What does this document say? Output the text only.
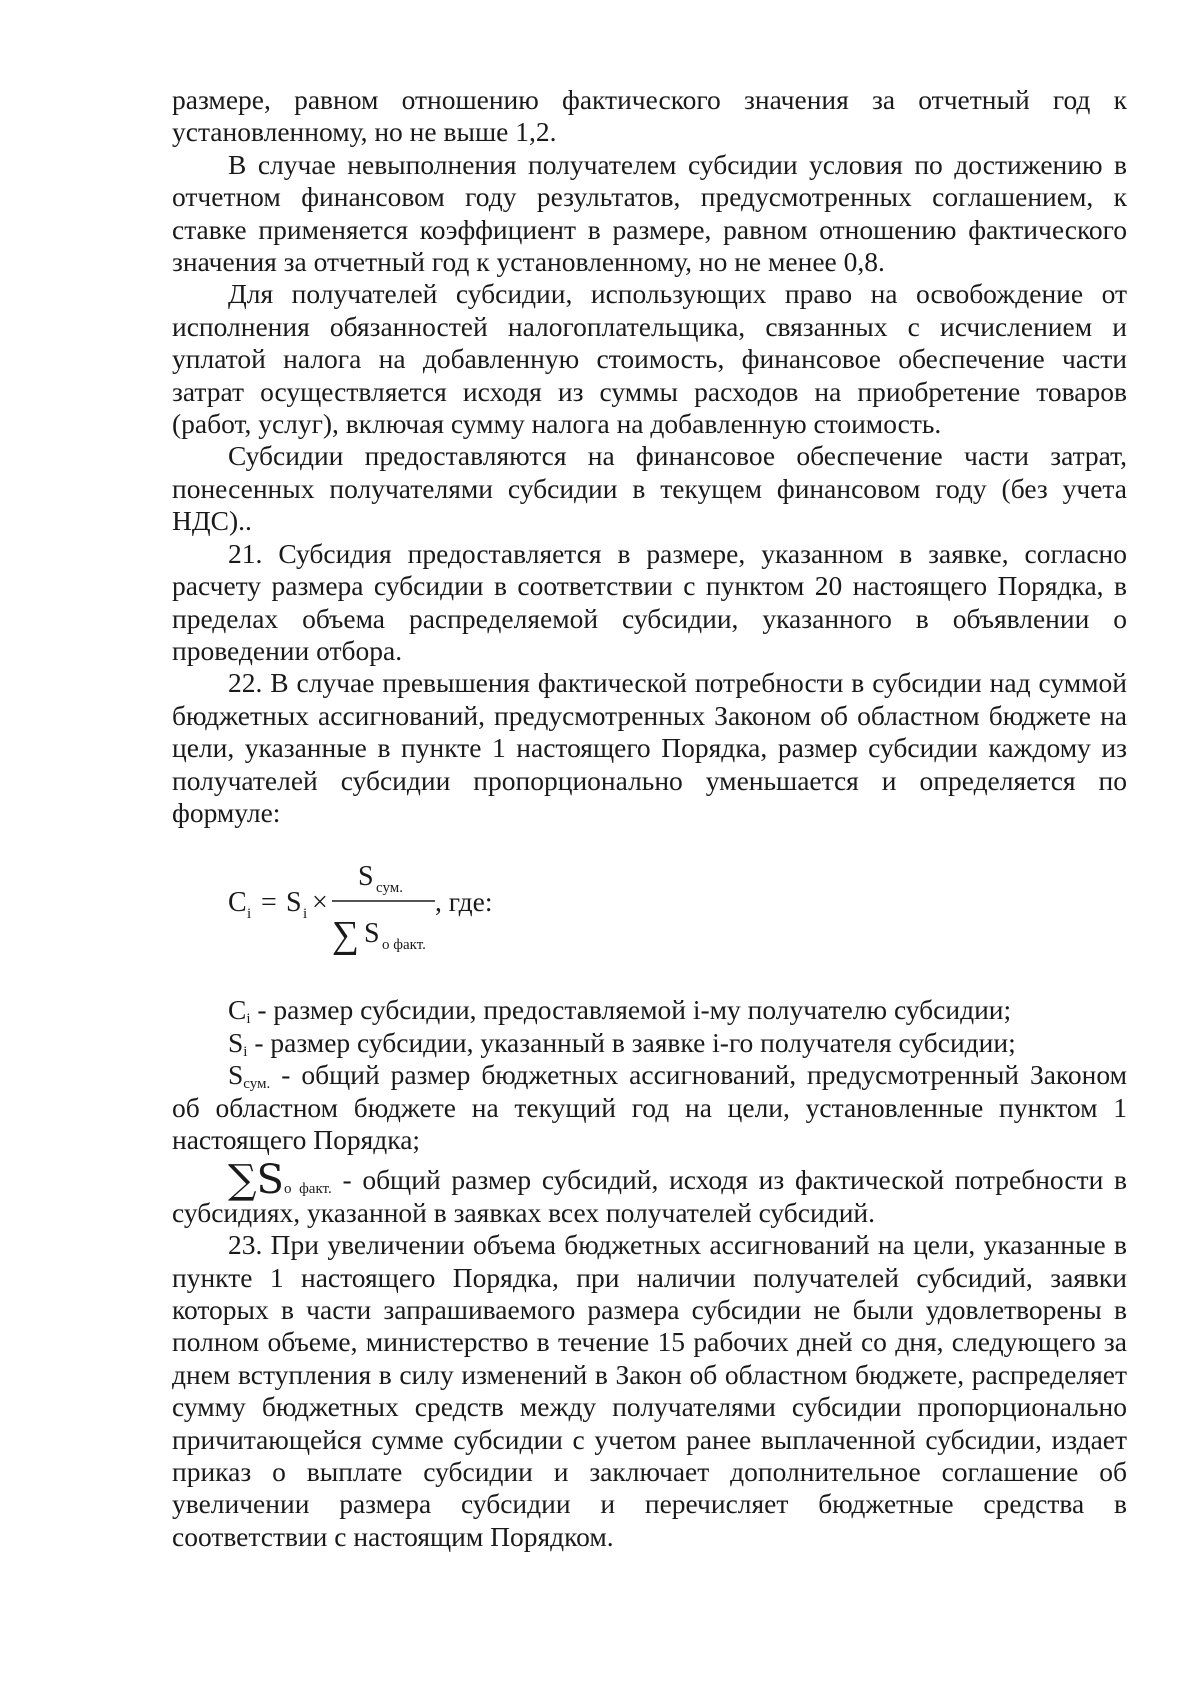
размере, равном отношению фактического значения за отчетный год к установленному, но не выше 1,2.

В случае невыполнения получателем субсидии условия по достижению в отчетном финансовом году результатов, предусмотренных соглашением, к ставке применяется коэффициент в размере, равном отношению фактического значения за отчетный год к установленному, но не менее 0,8.

Для получателей субсидии, использующих право на освобождение от исполнения обязанностей налогоплательщика, связанных с исчислением и уплатой налога на добавленную стоимость, финансовое обеспечение части затрат осуществляется исходя из суммы расходов на приобретение товаров (работ, услуг), включая сумму налога на добавленную стоимость.

Субсидии предоставляются на финансовое обеспечение части затрат, понесенных получателями субсидии в текущем финансовом году (без учета НДС)..

21. Субсидия предоставляется в размере, указанном в заявке, согласно расчету размера субсидии в соответствии с пунктом 20 настоящего Порядка, в пределах объема распределяемой субсидии, указанного в объявлении о проведении отбора.

22. В случае превышения фактической потребности в субсидии над суммой бюджетных ассигнований, предусмотренных Законом об областном бюджете на цели, указанные в пункте 1 настоящего Порядка, размер субсидии каждому из получателей субсидии пропорционально уменьшается и определяется по формуле:

C i = S i ×
S сум.
∑ S о факт.
, где:

$C_i$ - размер субсидии, предоставляемой i-му получателю субсидии;

$S_i$ - размер субсидии, указанный в заявке i-го получателя субсидии;

$S_{сум.}$ - общий размер бюджетных ассигнований, предусмотренный Законом об областном бюджете на текущий год на цели, установленные пунктом 1 настоящего Порядка;

$\sum S_{о факт.}$ - общий размер субсидий, исходя из фактической потребности в субсидиях, указанной в заявках всех получателей субсидий.

23. При увеличении объема бюджетных ассигнований на цели, указанные в пункте 1 настоящего Порядка, при наличии получателей субсидий, заявки которых в части запрашиваемого размера субсидии не были удовлетворены в полном объеме, министерство в течение 15 рабочих дней со дня, следующего за днем вступления в силу изменений в Закон об областном бюджете, распределяет сумму бюджетных средств между получателями субсидии пропорционально причитающейся сумме субсидии с учетом ранее выплаченной субсидии, издает приказ о выплате субсидии и заключает дополнительное соглашение об увеличении размера субсидии и перечисляет бюджетные средства в соответствии с настоящим Порядком.
